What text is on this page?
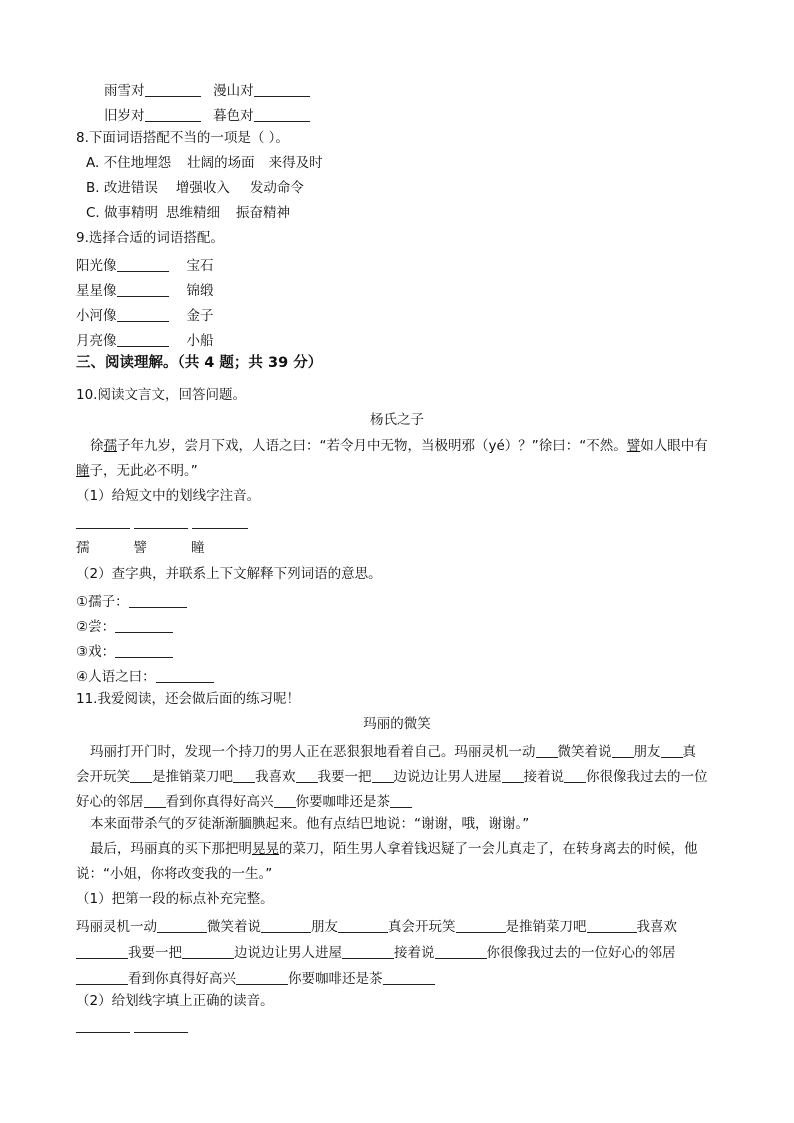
雨雪对	漫山对
旧岁对	暮色对
8.下面词语搭配不当的一项是（ ）。
A. 不住地埋怨 壮阔的场面 来得及时
B. 改进错误 增强收入 发动命令
C. 做事精明 思维精细 振奋精神
9.选择合适的词语搭配。
阳光像	宝石
星星像	锦缎
小河像	金子
月亮像	小船
三、阅读理解。（共 4 题；共 39 分）
10.阅读文言文，回答问题。
杨氏之子
徐孺子年九岁，尝月下戏，人语之曰：“若令月中无物，当极明邪（yé）？”徐曰：“不然。譬如人眼中有
瞳子，无此必不明。”
（1）给短文中的划线字注音。
孺	譬	瞳
（2）查字典，并联系上下文解释下列词语的意思。
①孺子：
②尝：
③戏：
④人语之曰：
11.我爱阅读，还会做后面的练习呢！
玛丽的微笑
玛丽打开门时，发现一个持刀的男人正在恶狠狠地看着自己。玛丽灵机一动 微笑着说 朋友 真
会开玩笑 是推销菜刀吧 我喜欢 我要一把 边说边让男人进屋 接着说 你很像我过去的一位
好心的邻居 看到你真得好高兴 你要咖啡还是茶
本来面带杀气的歹徒渐渐腼腆起来。他有点结巴地说：“谢谢，哦，谢谢。”
最后，玛丽真的买下那把明晃晃的菜刀，陌生男人拿着钱迟疑了一会儿真走了，在转身离去的时候，他
说：“小姐，你将改变我的一生。”
（1）把第一段的标点补充完整。
玛丽灵机一动	微笑着说	朋友	真会开玩笑	是推销菜刀吧	我喜欢
我要一把	边说边让男人进屋	接着说	你很像我过去的一位好心的邻居
看到你真得好高兴	你要咖啡还是茶
（2）给划线字填上正确的读音。
